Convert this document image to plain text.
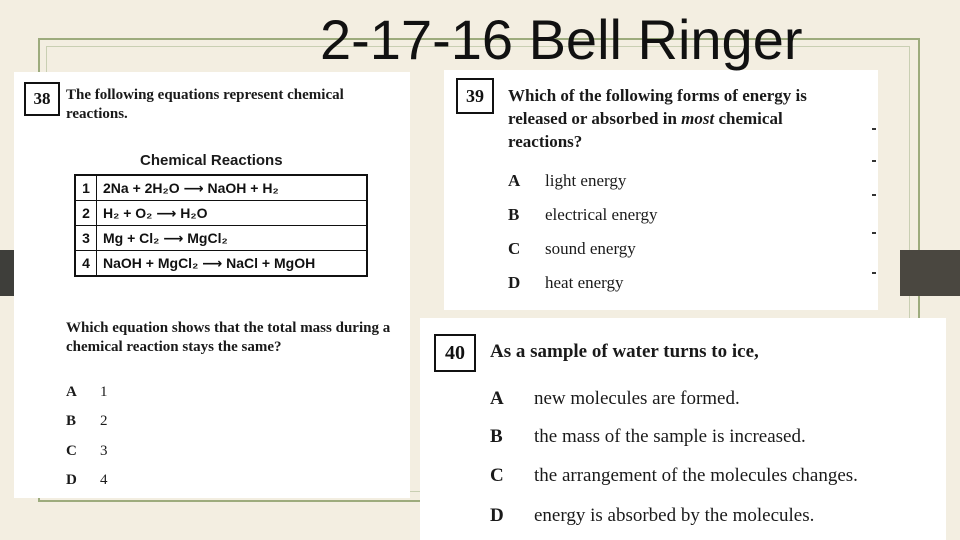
2-17-16 Bell Ringer
38	The following equations represent chemical reactions.

Chemical Reactions

1	2Na + 2H₂O ⟶ NaOH + H₂
2	H₂ + O₂ ⟶ H₂O
3	Mg + Cl₂ ⟶ MgCl₂
4	NaOH + MgCl₂ ⟶ NaCl + MgOH

Which equation shows that the total mass during a chemical reaction stays the same?

A	1
B	2
C	3
D	4
39	Which of the following forms of energy is released or absorbed in most chemical reactions?

A	light energy
B	electrical energy
C	sound energy
D	heat energy
40	As a sample of water turns to ice,

A	new molecules are formed.
B	the mass of the sample is increased.
C	the arrangement of the molecules changes.
D	energy is absorbed by the molecules.
